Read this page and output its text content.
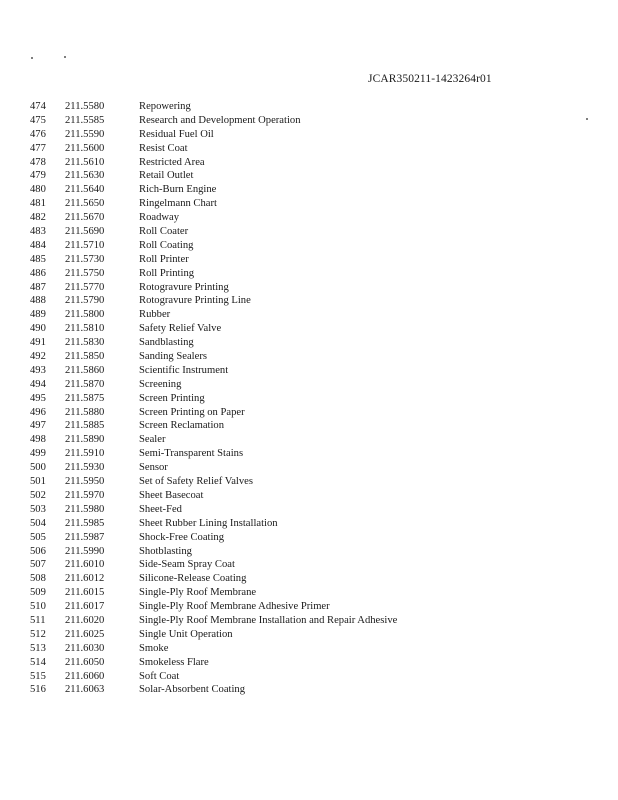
JCAR350211-1423264r01
474 211.5580	Repowering
475 211.5585	Research and Development Operation
476 211.5590	Residual Fuel Oil
477 211.5600	Resist Coat
478 211.5610	Restricted Area
479 211.5630	Retail Outlet
480 211.5640	Rich-Burn Engine
481 211.5650	Ringelmann Chart
482 211.5670	Roadway
483 211.5690	Roll Coater
484 211.5710	Roll Coating
485 211.5730	Roll Printer
486 211.5750	Roll Printing
487 211.5770	Rotogravure Printing
488 211.5790	Rotogravure Printing Line
489 211.5800	Rubber
490 211.5810	Safety Relief Valve
491 211.5830	Sandblasting
492 211.5850	Sanding Sealers
493 211.5860	Scientific Instrument
494 211.5870	Screening
495 211.5875	Screen Printing
496 211.5880	Screen Printing on Paper
497 211.5885	Screen Reclamation
498 211.5890	Sealer
499 211.5910	Semi-Transparent Stains
500 211.5930	Sensor
501 211.5950	Set of Safety Relief Valves
502 211.5970	Sheet Basecoat
503 211.5980	Sheet-Fed
504 211.5985	Sheet Rubber Lining Installation
505 211.5987	Shock-Free Coating
506 211.5990	Shotblasting
507 211.6010	Side-Seam Spray Coat
508 211.6012	Silicone-Release Coating
509 211.6015	Single-Ply Roof Membrane
510 211.6017	Single-Ply Roof Membrane Adhesive Primer
511 211.6020	Single-Ply Roof Membrane Installation and Repair Adhesive
512 211.6025	Single Unit Operation
513 211.6030	Smoke
514 211.6050	Smokeless Flare
515 211.6060	Soft Coat
516 211.6063	Solar-Absorbent Coating
